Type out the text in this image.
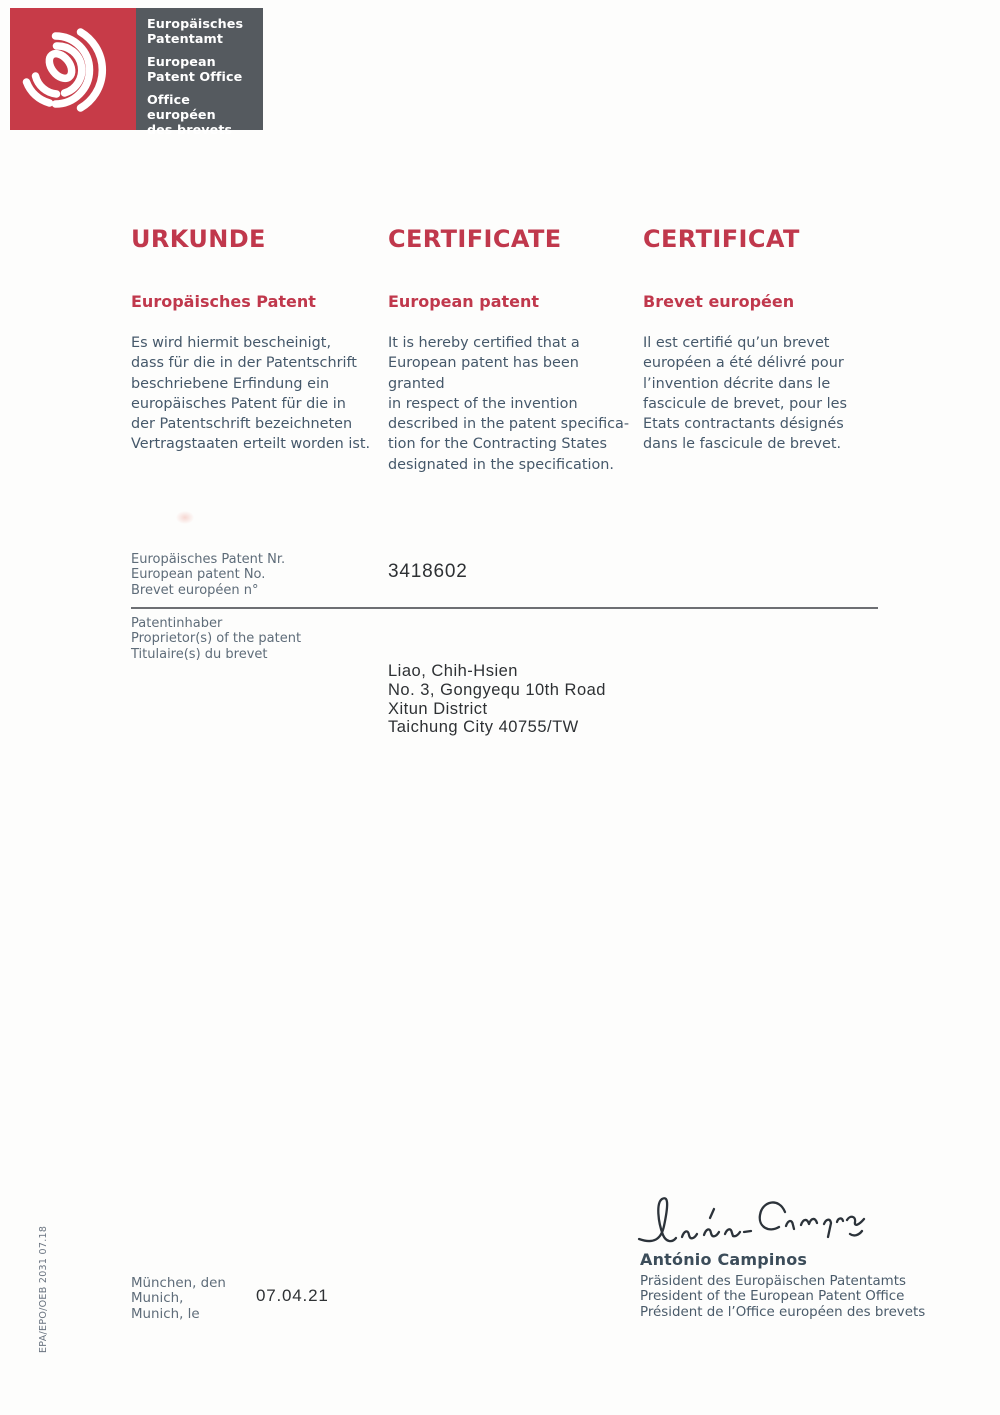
Europäisches
Patentamt
European
Patent Office
Office européen
des brevets
URKUNDE	CERTIFICATE	CERTIFICAT
Europäisches Patent	European patent	Brevet européen
Es wird hiermit bescheinigt,
dass für die in der Patentschrift
beschriebene Erfindung ein
europäisches Patent für die in
der Patentschrift bezeichneten
Vertragstaaten erteilt worden ist.
It is hereby certified that a
European patent has been granted
in respect of the invention
described in the patent specifica-
tion for the Contracting States
designated in the specification.
Il est certifié qu’un brevet
européen a été délivré pour
l’invention décrite dans le
fascicule de brevet, pour les
Etats contractants désignés
dans le fascicule de brevet.
Europäisches Patent Nr.
European patent No.
Brevet européen n°
3418602
Patentinhaber
Proprietor(s) of the patent
Titulaire(s) du brevet
Liao, Chih-Hsien
No. 3, Gongyequ 10th Road
Xitun District
Taichung City 40755/TW
António Campinos
Präsident des Europäischen Patentamts
President of the European Patent Office
Président de l’Office européen des brevets
München, den
Munich,
Munich, le
07.04.21
EPA/EPO/OEB 2031 07.18
